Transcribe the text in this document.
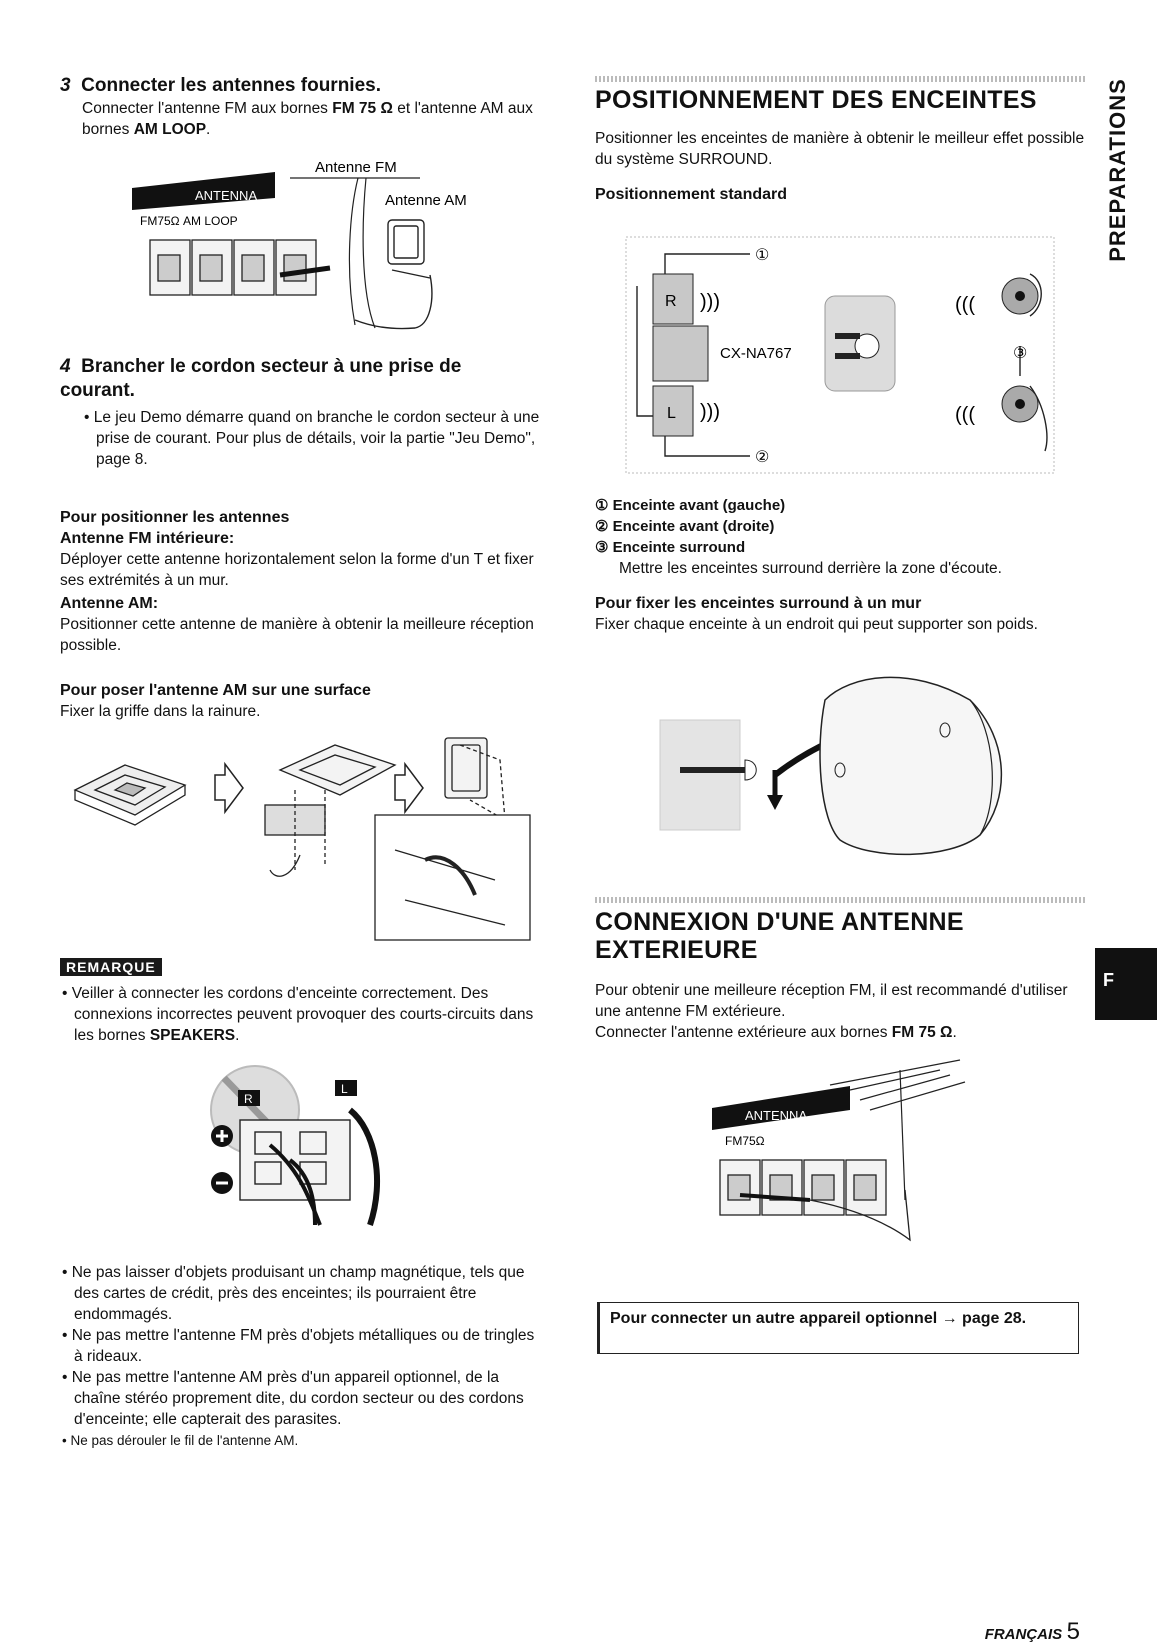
3 Connecter les antennes fournies.

Connecter l'antenne FM aux bornes FM 75 Ω et l'antenne AM aux bornes AM LOOP.

Antenne FM
Antenne AM
ANTENNA
FM75Ω AM LOOP

4 Brancher le cordon secteur à une prise de courant.

• Le jeu Demo démarre quand on branche le cordon secteur à une prise de courant. Pour plus de détails, voir la partie "Jeu Demo", page 8.

Pour positionner les antennes

Antenne FM intérieure:

Déployer cette antenne horizontalement selon la forme d'un T et fixer ses extrémités à un mur.

Antenne AM:

Positionner cette antenne de manière à obtenir la meilleure réception possible.

Pour poser l'antenne AM sur une surface

Fixer la griffe dans la rainure.

REMARQUE

• Veiller à connecter les cordons d'enceinte correctement. Des connexions incorrectes peuvent provoquer des courts-circuits dans les bornes SPEAKERS.

R
L

• Ne pas laisser d'objets produisant un champ magnétique, tels que des cartes de crédit, près des enceintes; ils pourraient être endommagés.

• Ne pas mettre l'antenne FM près d'objets métalliques ou de tringles à rideaux.

• Ne pas mettre l'antenne AM près d'un appareil optionnel, de la chaîne stéréo proprement dite, du cordon secteur ou des cordons d'enceinte; elle capterait des parasites.

• Ne pas dérouler le fil de l'antenne AM.

POSITIONNEMENT DES ENCEINTES

Positionner les enceintes de manière à obtenir le meilleur effet possible du système SURROUND.

Positionnement standard

①
②
③
R )))
CX-NA767
L )))
(((
(((

① Enceinte avant (gauche)

② Enceinte avant (droite)

③ Enceinte surround

Mettre les enceintes surround derrière la zone d'écoute.

Pour fixer les enceintes surround à un mur

Fixer chaque enceinte à un endroit qui peut supporter son poids.

CONNEXION D'UNE ANTENNE

EXTERIEURE

Pour obtenir une meilleure réception FM, il est recommandé d'utiliser une antenne FM extérieure.

Connecter l'antenne extérieure aux bornes FM 75 Ω.

ANTENNA
FM75Ω

Pour connecter un autre appareil optionnel → page 28.

PREPARATIONS
F
FRANÇAIS 5
